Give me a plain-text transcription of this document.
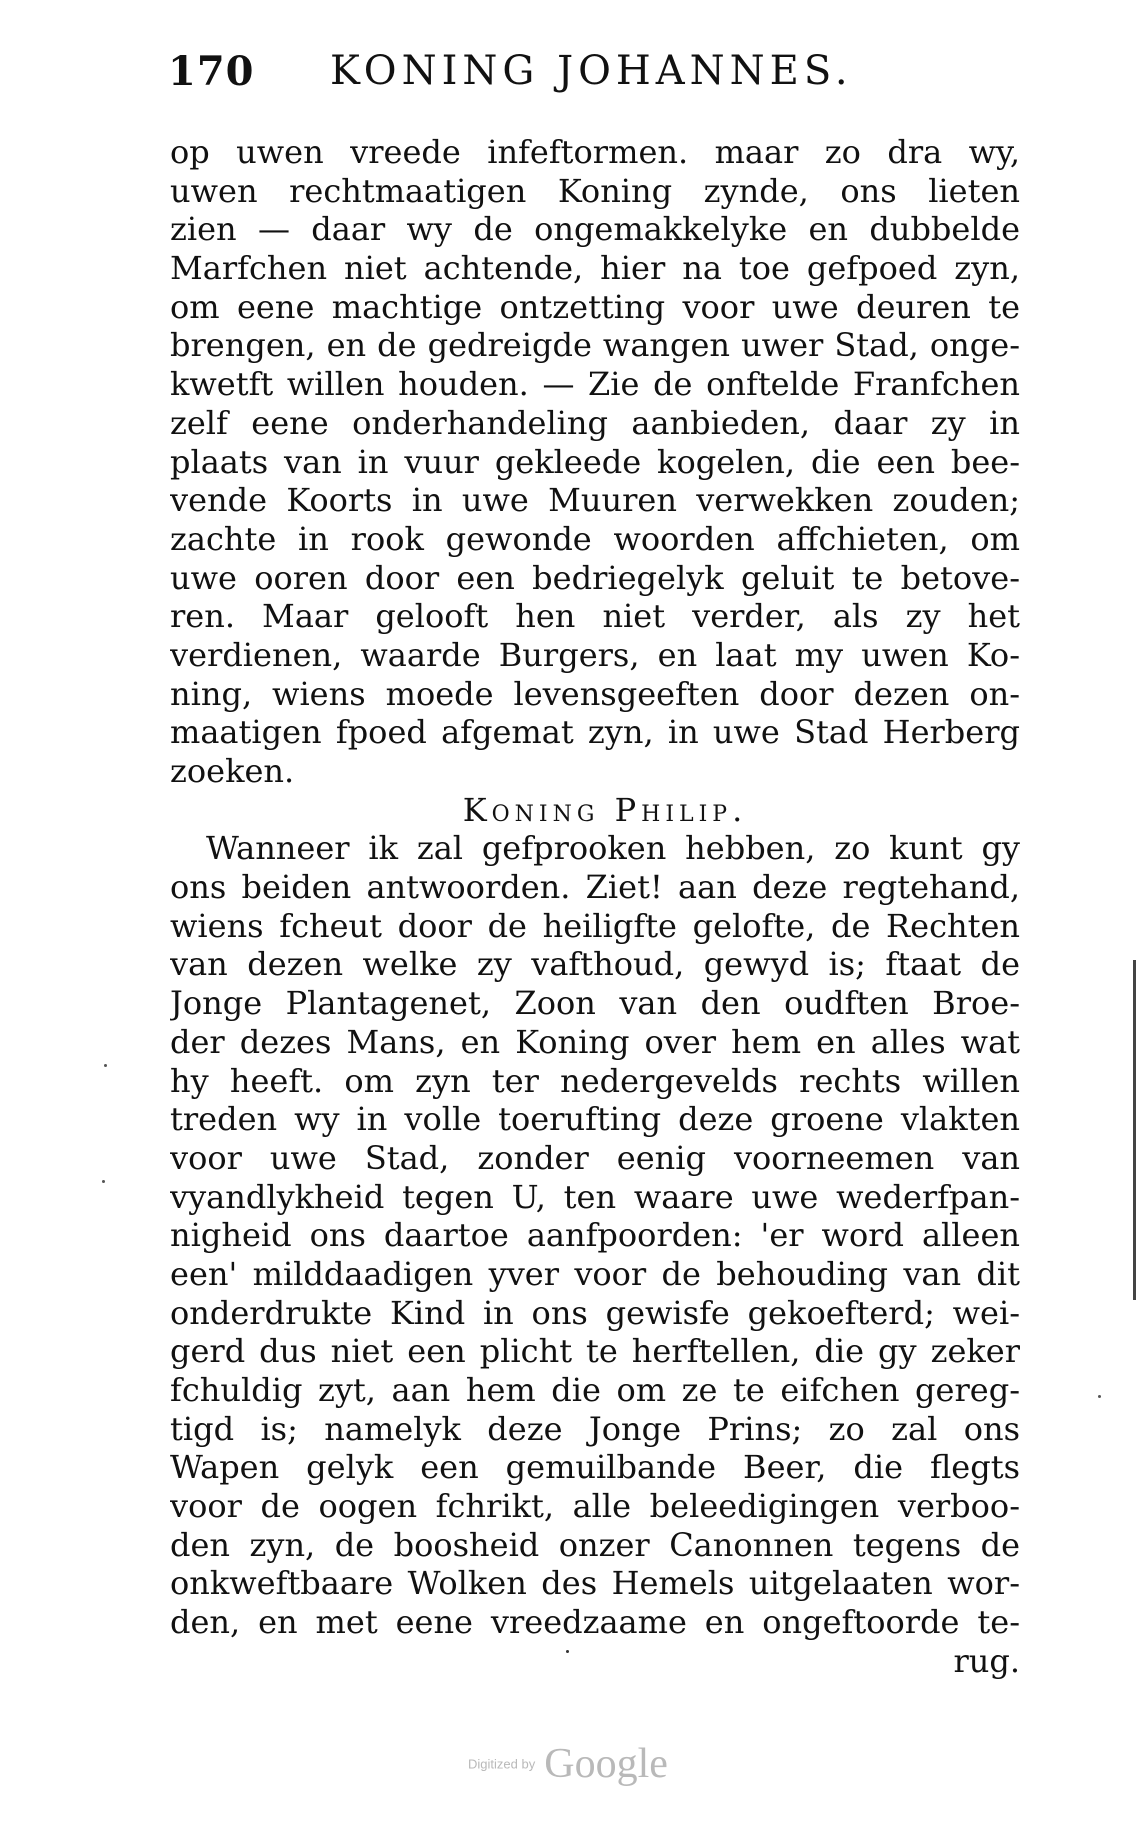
170 KONING JOHANNES.
op uwen vreede infeftormen. maar zo dra wy,
uwen rechtmaatigen Koning zynde, ons lieten
zien — daar wy de ongemakkelyke en dubbelde
Marfchen niet achtende, hier na toe gefpoed zyn,
om eene machtige ontzetting voor uwe deuren te
brengen, en de gedreigde wangen uwer Stad, onge-
kwetft willen houden. — Zie de onftelde Franfchen
zelf eene onderhandeling aanbieden, daar zy in
plaats van in vuur gekleede kogelen, die een bee-
vende Koorts in uwe Muuren verwekken zouden;
zachte in rook gewonde woorden affchieten, om
uwe ooren door een bedriegelyk geluit te betove-
ren. Maar gelooft hen niet verder, als zy het
verdienen, waarde Burgers, en laat my uwen Ko-
ning, wiens moede levensgeeften door dezen on-
maatigen fpoed afgemat zyn, in uwe Stad Herberg
zoeken.
Koning Philip.
Wanneer ik zal gefprooken hebben, zo kunt gy
ons beiden antwoorden. Ziet! aan deze regtehand,
wiens fcheut door de heiligfte gelofte, de Rechten
van dezen welke zy vafthoud, gewyd is; ftaat de
Jonge Plantagenet, Zoon van den oudften Broe-
der dezes Mans, en Koning over hem en alles wat
hy heeft. om zyn ter nedergevelds rechts willen
treden wy in volle toerufting deze groene vlakten
voor uwe Stad, zonder eenig voorneemen van
vyandlykheid tegen U, ten waare uwe wederfpan-
nigheid ons daartoe aanfpoorden: 'er word alleen
een' milddaadigen yver voor de behouding van dit
onderdrukte Kind in ons gewisfe gekoefterd; wei-
gerd dus niet een plicht te herftellen, die gy zeker
fchuldig zyt, aan hem die om ze te eifchen gereg-
tigd is; namelyk deze Jonge Prins; zo zal ons
Wapen gelyk een gemuilbande Beer, die flegts
voor de oogen fchrikt, alle beleedigingen verboo-
den zyn, de boosheid onzer Canonnen tegens de
onkweftbaare Wolken des Hemels uitgelaaten wor-
den, en met eene vreedzaame en ongeftoorde te-
rug.
Digitized by Google
